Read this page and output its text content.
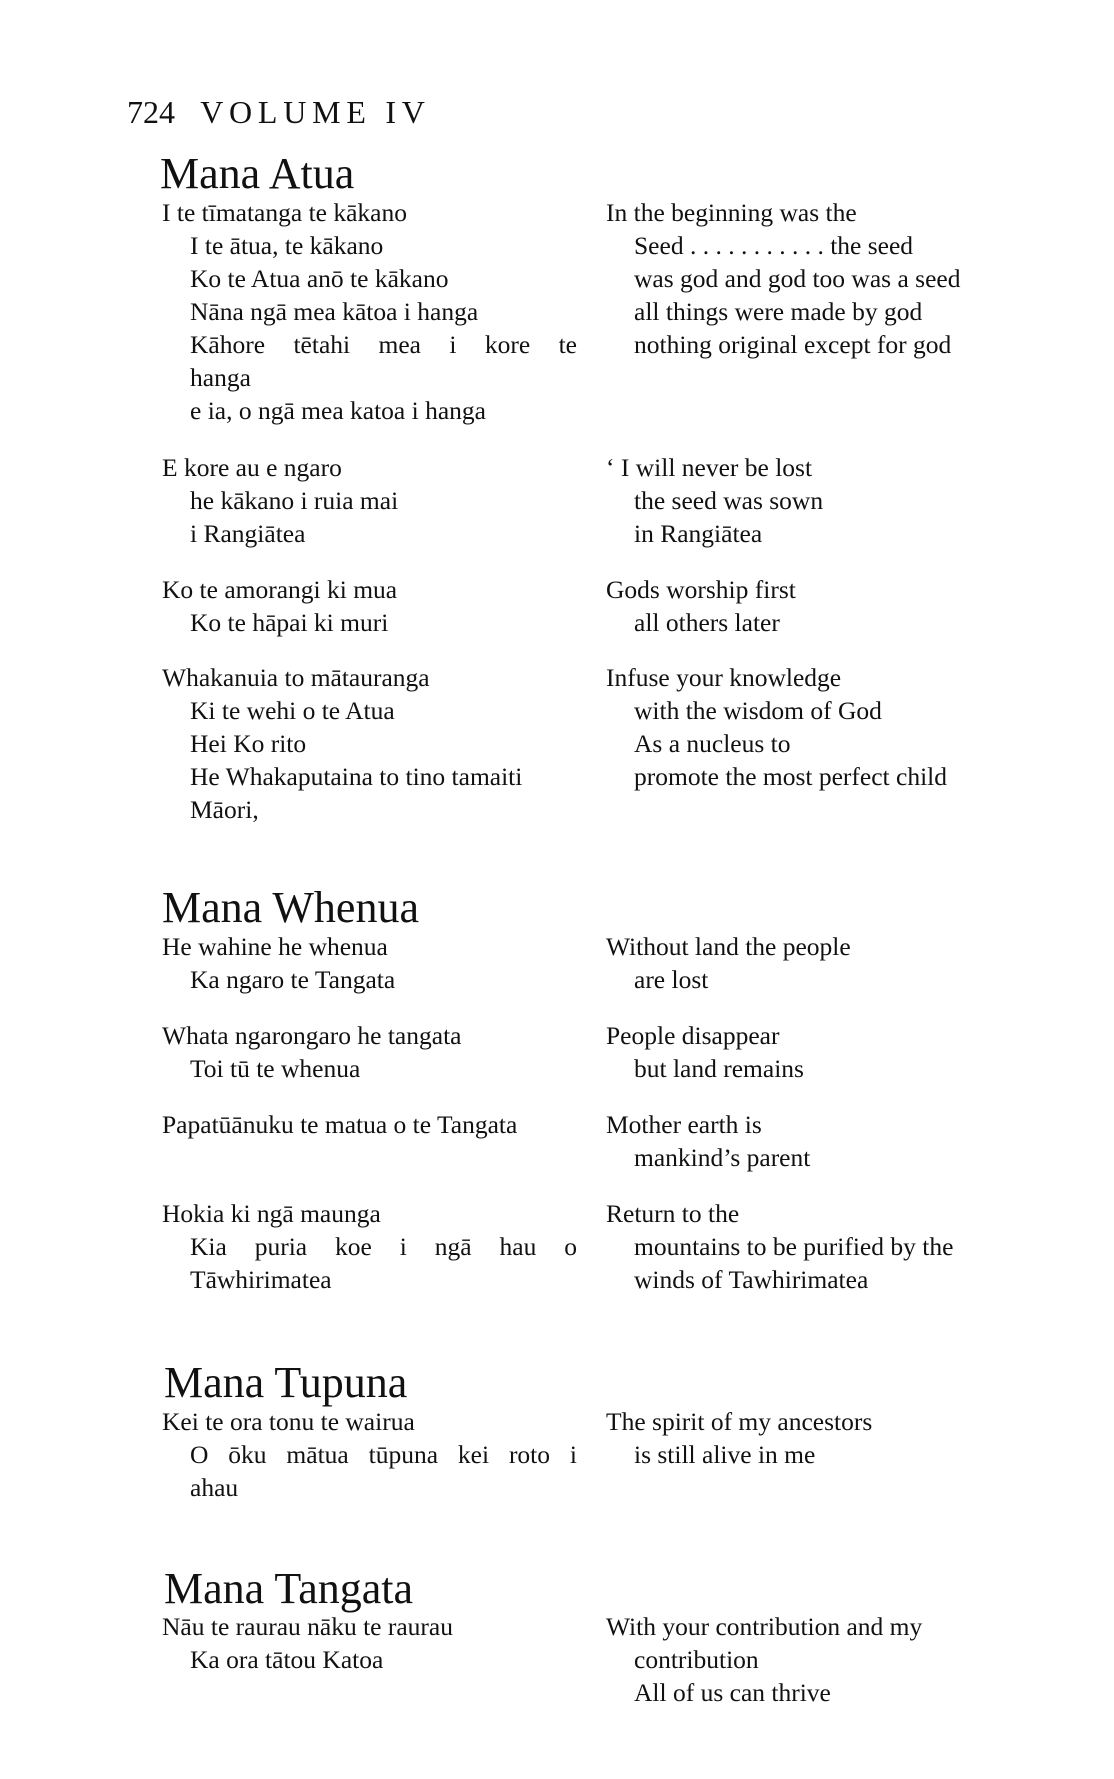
724 VOLUME IV
Mana Atua
I te tīmatanga te kākano
I te ātua, te kākano
Ko te Atua anō te kākano
Nāna ngā mea kātoa i hanga
Kāhore tētahi mea i kore te
hanga
e ia, o ngā mea katoa i hanga
In the beginning was the
Seed . . . . . . . . . . . the seed
was god and god too was a seed
all things were made by god
nothing original except for god
E kore au e ngaro
he kākano i ruia mai
i Rangiātea
‘ I will never be lost
the seed was sown
in Rangiātea
Ko te amorangi ki mua
Ko te hāpai ki muri
Gods worship first
all others later
Whakanuia to mātauranga
Ki te wehi o te Atua
Hei Ko rito
He Whakaputaina to tino tamaiti
Māori,
Infuse your knowledge
with the wisdom of God
As a nucleus to
promote the most perfect child
Mana Whenua
He wahine he whenua
Ka ngaro te Tangata
Without land the people
are lost
Whata ngarongaro he tangata
Toi tū te whenua
People disappear
but land remains
Papatūānuku te matua o te Tangata	Mother earth is
mankind’s parent
Hokia ki ngā maunga
Kia puria koe i ngā hau o
Tāwhirimatea
Return to the
mountains to be purified by the
winds of Tawhirimatea
Mana Tupuna
Kei te ora tonu te wairua
O ōku mātua tūpuna kei roto i
ahau
The spirit of my ancestors
is still alive in me
Mana Tangata
Nāu te raurau nāku te raurau
Ka ora tātou Katoa
With your contribution and my
contribution
All of us can thrive
